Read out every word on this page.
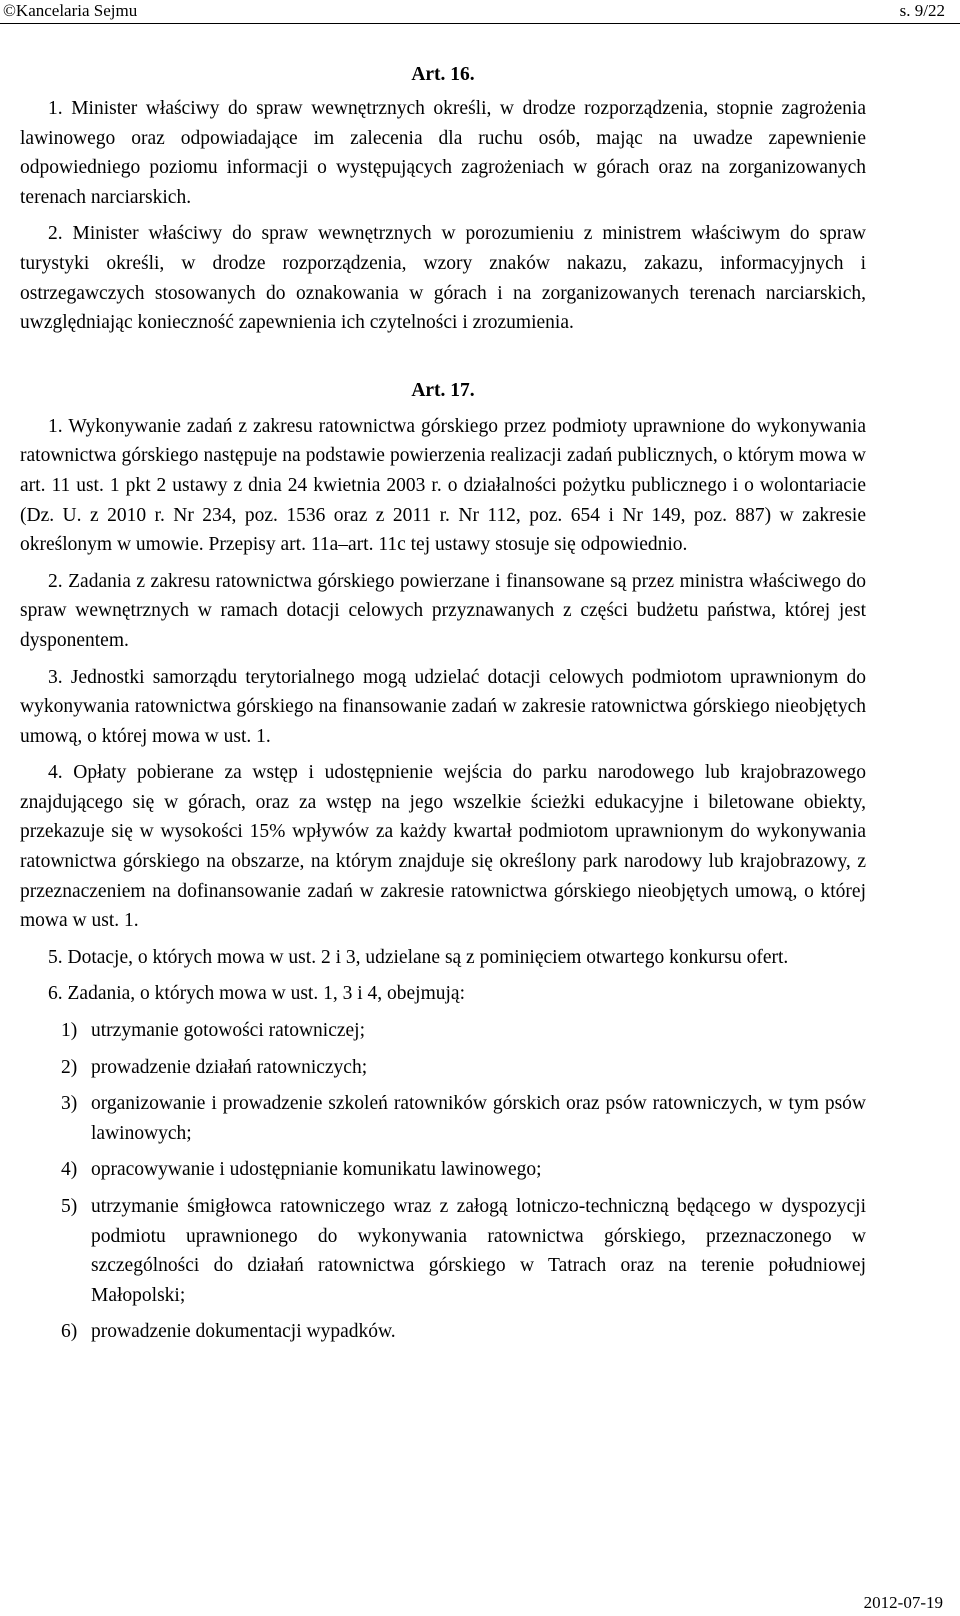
©Kancelaria Sejmu	s. 9/22
Art. 16.

1. Minister właściwy do spraw wewnętrznych określi, w drodze rozporządzenia, stopnie zagrożenia lawinowego oraz odpowiadające im zalecenia dla ruchu osób, mając na uwadze zapewnienie odpowiedniego poziomu informacji o występujących zagrożeniach w górach oraz na zorganizowanych terenach narciarskich.

2. Minister właściwy do spraw wewnętrznych w porozumieniu z ministrem właściwym do spraw turystyki określi, w drodze rozporządzenia, wzory znaków nakazu, zakazu, informacyjnych i ostrzegawczych stosowanych do oznakowania w górach i na zorganizowanych terenach narciarskich, uwzględniając konieczność zapewnienia ich czytelności i zrozumienia.

Art. 17.

1. Wykonywanie zadań z zakresu ratownictwa górskiego przez podmioty uprawnione do wykonywania ratownictwa górskiego następuje na podstawie powierzenia realizacji zadań publicznych, o którym mowa w art. 11 ust. 1 pkt 2 ustawy z dnia 24 kwietnia 2003 r. o działalności pożytku publicznego i o wolontariacie (Dz. U. z 2010 r. Nr 234, poz. 1536 oraz z 2011 r. Nr 112, poz. 654 i Nr 149, poz. 887) w zakresie określonym w umowie. Przepisy art. 11a–art. 11c tej ustawy stosuje się odpowiednio.

2. Zadania z zakresu ratownictwa górskiego powierzane i finansowane są przez ministra właściwego do spraw wewnętrznych w ramach dotacji celowych przyznawanych z części budżetu państwa, której jest dysponentem.

3. Jednostki samorządu terytorialnego mogą udzielać dotacji celowych podmiotom uprawnionym do wykonywania ratownictwa górskiego na finansowanie zadań w zakresie ratownictwa górskiego nieobjętych umową, o której mowa w ust. 1.

4. Opłaty pobierane za wstęp i udostępnienie wejścia do parku narodowego lub krajobrazowego znajdującego się w górach, oraz za wstęp na jego wszelkie ścieżki edukacyjne i biletowane obiekty, przekazuje się w wysokości 15% wpływów za każdy kwartał podmiotom uprawnionym do wykonywania ratownictwa górskiego na obszarze, na którym znajduje się określony park narodowy lub krajobrazowy, z przeznaczeniem na dofinansowanie zadań w zakresie ratownictwa górskiego nieobjętych umową, o której mowa w ust. 1.

5. Dotacje, o których mowa w ust. 2 i 3, udzielane są z pominięciem otwartego konkursu ofert.

6. Zadania, o których mowa w ust. 1, 3 i 4, obejmują:

1) utrzymanie gotowości ratowniczej;
2) prowadzenie działań ratowniczych;
3) organizowanie i prowadzenie szkoleń ratowników górskich oraz psów ratowniczych, w tym psów lawinowych;
4) opracowywanie i udostępnianie komunikatu lawinowego;
5) utrzymanie śmigłowca ratowniczego wraz z załogą lotniczo-techniczną będącego w dyspozycji podmiotu uprawnionego do wykonywania ratownictwa górskiego, przeznaczonego w szczególności do działań ratownictwa górskiego w Tatrach oraz na terenie południowej Małopolski;
6) prowadzenie dokumentacji wypadków.
2012-07-19
